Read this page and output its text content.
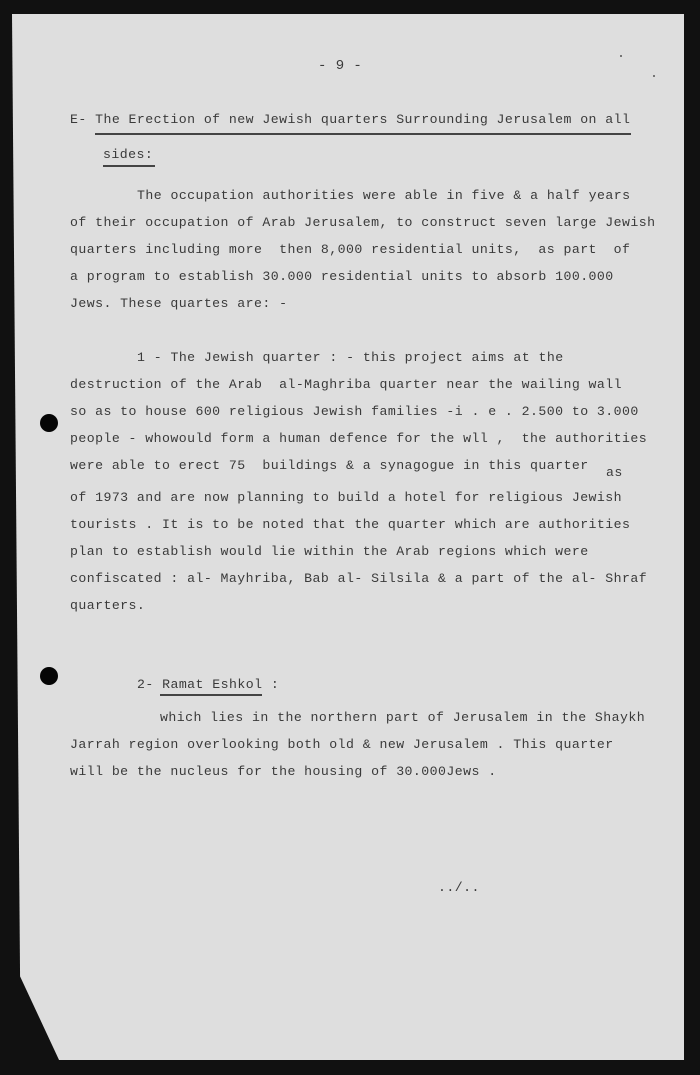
- 9 -
E- The Erection of new Jewish quarters Surrounding Jerusalem on all
sides:
The occupation authorities were able in five & a half years
of their occupation of Arab Jerusalem, to construct seven large Jewish
quarters including more  then 8,000 residential units,  as part  of
a program to establish 30.000 residential units to absorb 100.000
Jews. These quartes are: -
1 - The Jewish quarter : - this project aims at the
destruction of the Arab  al-Maghriba quarter near the wailing wall
so as to house 600 religious Jewish families -i . e . 2.500 to 3.000
people - whowould form a human defence for the wll ,  the authorities
were able to erect 75  buildings & a synagogue in this quarter as
of 1973 and are now planning to build a hotel for religious Jewish
tourists . It is to be noted that the quarter which are authorities
plan to establish would lie within the Arab regions which were
confiscated : al- Mayhriba, Bab al- Silsila & a part of the al- Shraf
quarters.
2- Ramat Eshkol :
which lies in the northern part of Jerusalem in the Shaykh
Jarrah region overlooking both old & new Jerusalem . This quarter
will be the nucleus for the housing of 30.000Jews .
../..
